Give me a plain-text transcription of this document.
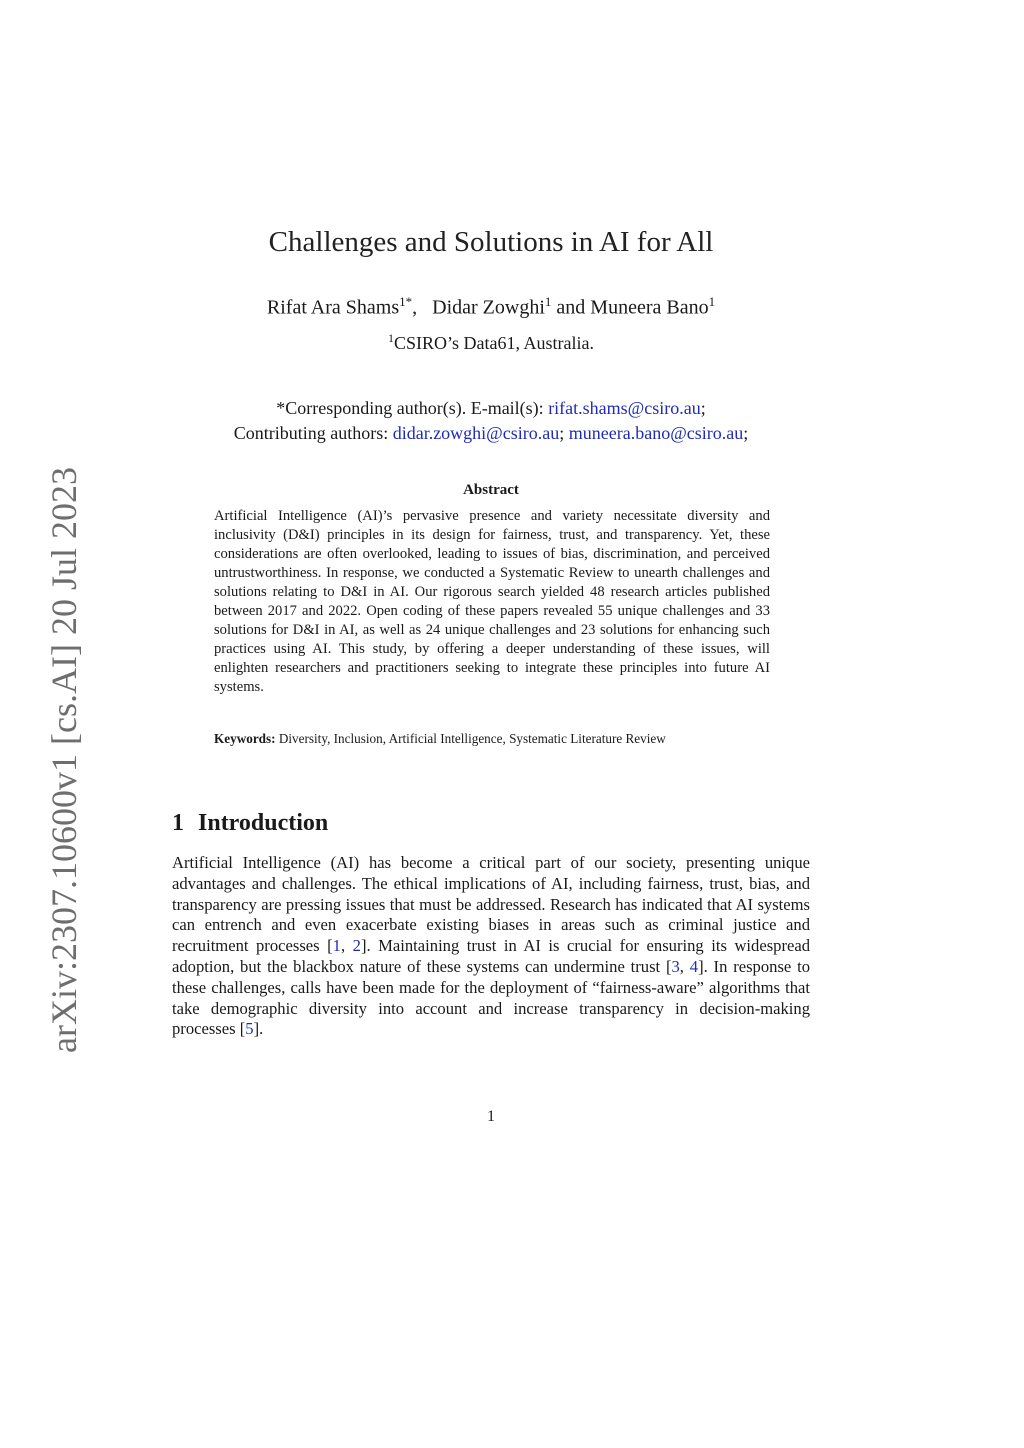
arXiv:2307.10600v1 [cs.AI] 20 Jul 2023
Challenges and Solutions in AI for All
Rifat Ara Shams$^{1*}$,   Didar Zowghi$^1$ and Muneera Bano$^1$
$^1$CSIRO’s Data61, Australia.
*Corresponding author(s). E-mail(s): rifat.shams@csiro.au;
Contributing authors: didar.zowghi@csiro.au; muneera.bano@csiro.au;
Abstract
Artificial Intelligence (AI)’s pervasive presence and variety necessitate diversity and inclusivity (D&I) principles in its design for fairness, trust, and transparency. Yet, these considerations are often overlooked, leading to issues of bias, discrimination, and perceived untrustworthiness. In response, we conducted a Systematic Review to unearth challenges and solutions relating to D&I in AI. Our rigorous search yielded 48 research articles published between 2017 and 2022. Open coding of these papers revealed 55 unique challenges and 33 solutions for D&I in AI, as well as 24 unique challenges and 23 solutions for enhancing such practices using AI. This study, by offering a deeper understanding of these issues, will enlighten researchers and practitioners seeking to integrate these principles into future AI systems.
Keywords: Diversity, Inclusion, Artificial Intelligence, Systematic Literature Review
1 Introduction
Artificial Intelligence (AI) has become a critical part of our society, presenting unique advantages and challenges. The ethical implications of AI, including fairness, trust, bias, and transparency are pressing issues that must be addressed. Research has indicated that AI systems can entrench and even exacerbate existing biases in areas such as criminal justice and recruitment processes [1, 2]. Maintaining trust in AI is crucial for ensuring its widespread adoption, but the blackbox nature of these systems can undermine trust [3, 4]. In response to these challenges, calls have been made for the deployment of “fairness-aware” algorithms that take demographic diversity into account and increase transparency in decision-making processes [5].
1
